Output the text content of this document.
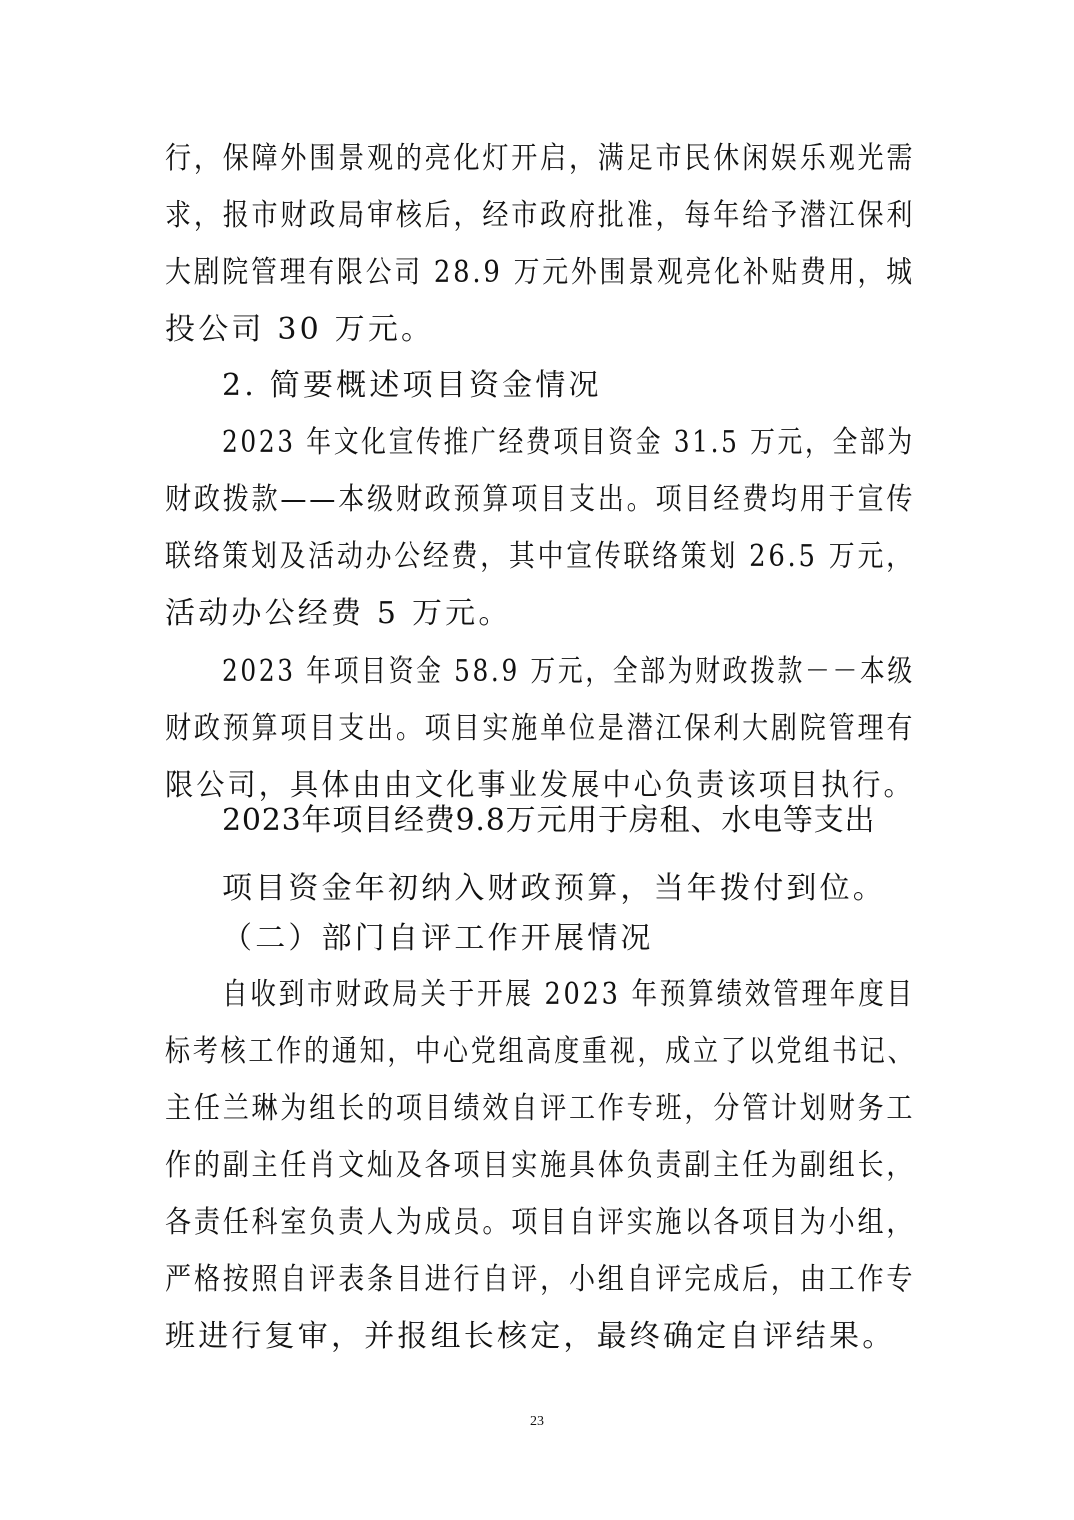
行，保障外围景观的亮化灯开启，满足市民休闲娱乐观光需
求，报市财政局审核后，经市政府批准，每年给予潜江保利
大剧院管理有限公司 28.9 万元外围景观亮化补贴费用，城
投公司 30 万元。
2. 简要概述项目资金情况
2023 年文化宣传推广经费项目资金 31.5 万元，全部为
财政拨款——本级财政预算项目支出。项目经费均用于宣传
联络策划及活动办公经费，其中宣传联络策划 26.5 万元，
活动办公经费 5 万元。
2023 年项目资金 58.9 万元，全部为财政拨款－－本级
财政预算项目支出。项目实施单位是潜江保利大剧院管理有
限公司，具体由由文化事业发展中心负责该项目执行。
2023年项目经费9.8万元用于房租、水电等支出
项目资金年初纳入财政预算，当年拨付到位。
（二）部门自评工作开展情况
自收到市财政局关于开展 2023 年预算绩效管理年度目
标考核工作的通知，中心党组高度重视，成立了以党组书记、
主任兰琳为组长的项目绩效自评工作专班，分管计划财务工
作的副主任肖文灿及各项目实施具体负责副主任为副组长，
各责任科室负责人为成员。项目自评实施以各项目为小组，
严格按照自评表条目进行自评，小组自评完成后，由工作专
班进行复审，并报组长核定，最终确定自评结果。
23
